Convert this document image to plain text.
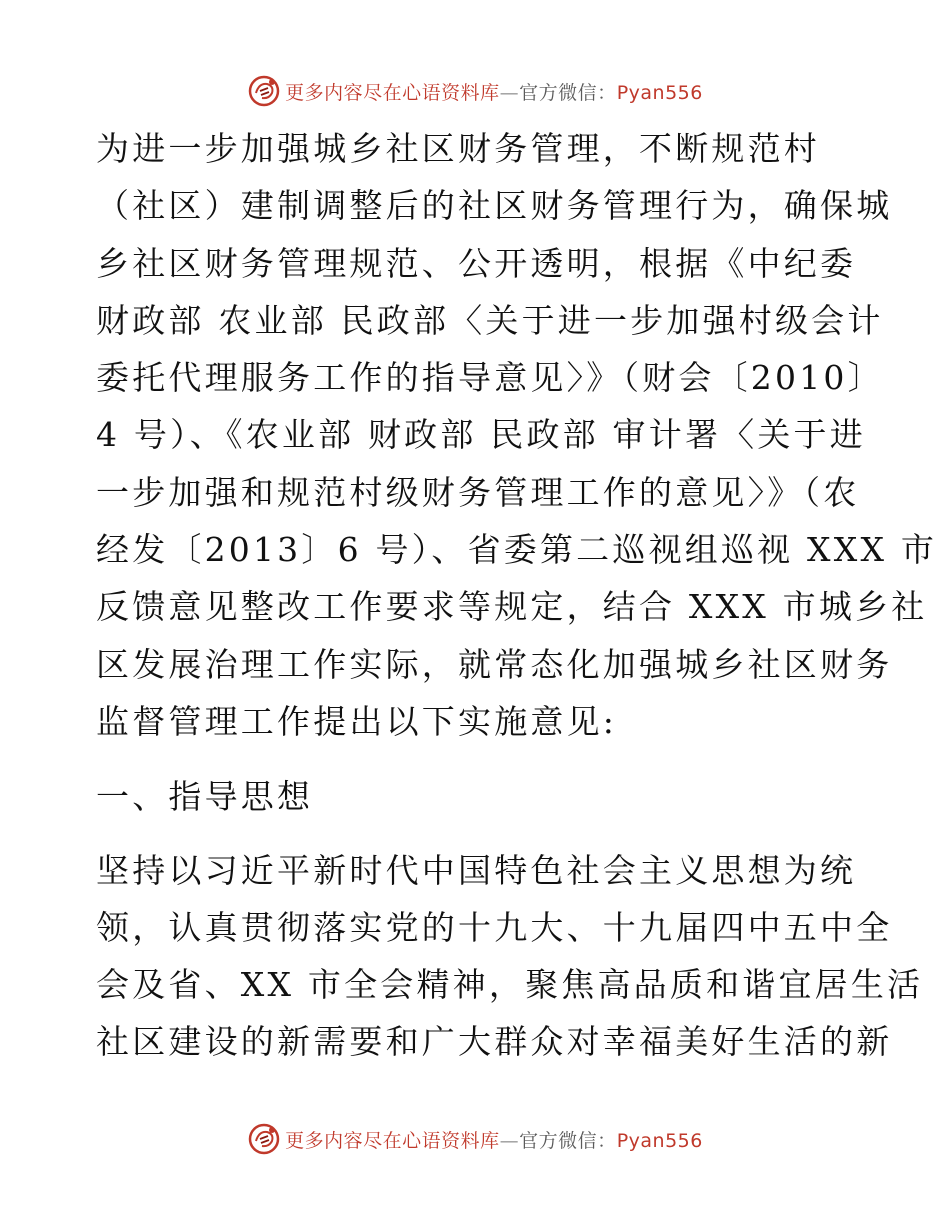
更多内容尽在心语资料库—官方微信：Pyan556
为进一步加强城乡社区财务管理，不断规范村
（社区）建制调整后的社区财务管理行为，确保城
乡社区财务管理规范、公开透明，根据《中纪委
财政部 农业部 民政部〈关于进一步加强村级会计
委托代理服务工作的指导意见〉》（财会〔2010〕
4 号）、《农业部 财政部 民政部 审计署〈关于进
一步加强和规范村级财务管理工作的意见〉》（农
经发〔2013〕6 号）、省委第二巡视组巡视 XXX 市
反馈意见整改工作要求等规定，结合 XXX 市城乡社
区发展治理工作实际，就常态化加强城乡社区财务
监督管理工作提出以下实施意见:
一、指导思想
坚持以习近平新时代中国特色社会主义思想为统
领，认真贯彻落实党的十九大、十九届四中五中全
会及省、XX 市全会精神，聚焦高品质和谐宜居生活
社区建设的新需要和广大群众对幸福美好生活的新
更多内容尽在心语资料库—官方微信：Pyan556
